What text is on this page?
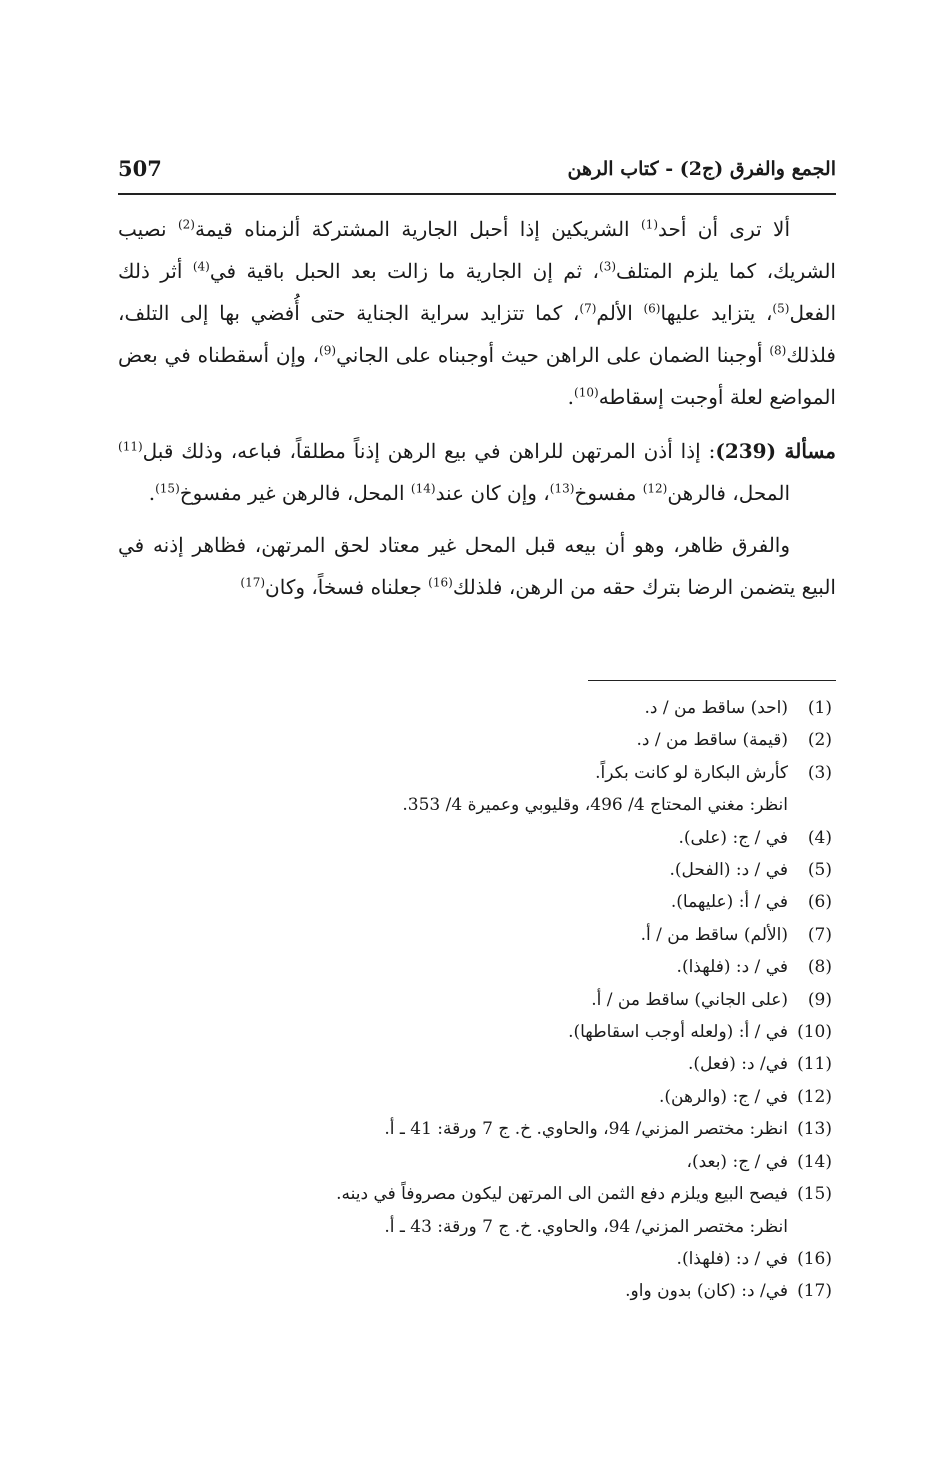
الجمع والفرق (ج2) - كتاب الرهن
507

ألا ترى أن أحد$^{(1)}$ الشريكين إذا أحبل الجارية المشتركة ألزمناه قيمة$^{(2)}$ نصيب الشريك، كما يلزم المتلف$^{(3)}$، ثم إن الجارية ما زالت بعد الحبل باقية في$^{(4)}$ أثر ذلك الفعل$^{(5)}$، يتزايد عليها$^{(6)}$ الألم$^{(7)}$، كما تتزايد سراية الجناية حتى أُفضي بها إلى التلف، فلذلك$^{(8)}$ أوجبنا الضمان على الراهن حيث أوجبناه على الجاني$^{(9)}$، وإن أسقطناه في بعض المواضع لعلة أوجبت إسقاطه$^{(10)}$.

مسألة (239): إذا أذن المرتهن للراهن في بيع الرهن إذناً مطلقاً، فباعه، وذلك قبل$^{(11)}$ المحل، فالرهن$^{(12)}$ مفسوخ$^{(13)}$، وإن كان عند$^{(14)}$ المحل، فالرهن غير مفسوخ$^{(15)}$.

والفرق ظاهر، وهو أن بيعه قبل المحل غير معتاد لحق المرتهن، فظاهر إذنه في البيع يتضمن الرضا بترك حقه من الرهن، فلذلك$^{(16)}$ جعلناه فسخاً، وكان$^{(17)}$

(1)
(احد) ساقط من / د.
(2)
(قيمة) ساقط من / د.
(3)
كأرش البكارة لو كانت بكراً.
انظر: مغني المحتاج 4/ 496، وقليوبي وعميرة 4/ 353.
(4)
في / ج: (على).
(5)
في / د: (الفحل).
(6)
في / أ: (عليهما).
(7)
(الألم) ساقط من / أ.
(8)
في / د: (فلهذا).
(9)
(على الجاني) ساقط من / أ.
(10)
في / أ: (ولعله أوجب اسقاطها).
(11)
في/ د: (فعل).
(12)
في / ج: (والرهن).
(13)
انظر: مختصر المزني/ 94، والحاوي. خ. ج 7 ورقة: 41 ـ أ.
(14)
في / ج: (بعد)،
(15)
فيصح البيع ويلزم دفع الثمن الى المرتهن ليكون مصروفاً في دينه.
انظر: مختصر المزني/ 94، والحاوي. خ. ج 7 ورقة: 43 ـ أ.
(16)
في / د: (فلهذا).
(17)
في/ د: (كان) بدون واو.
